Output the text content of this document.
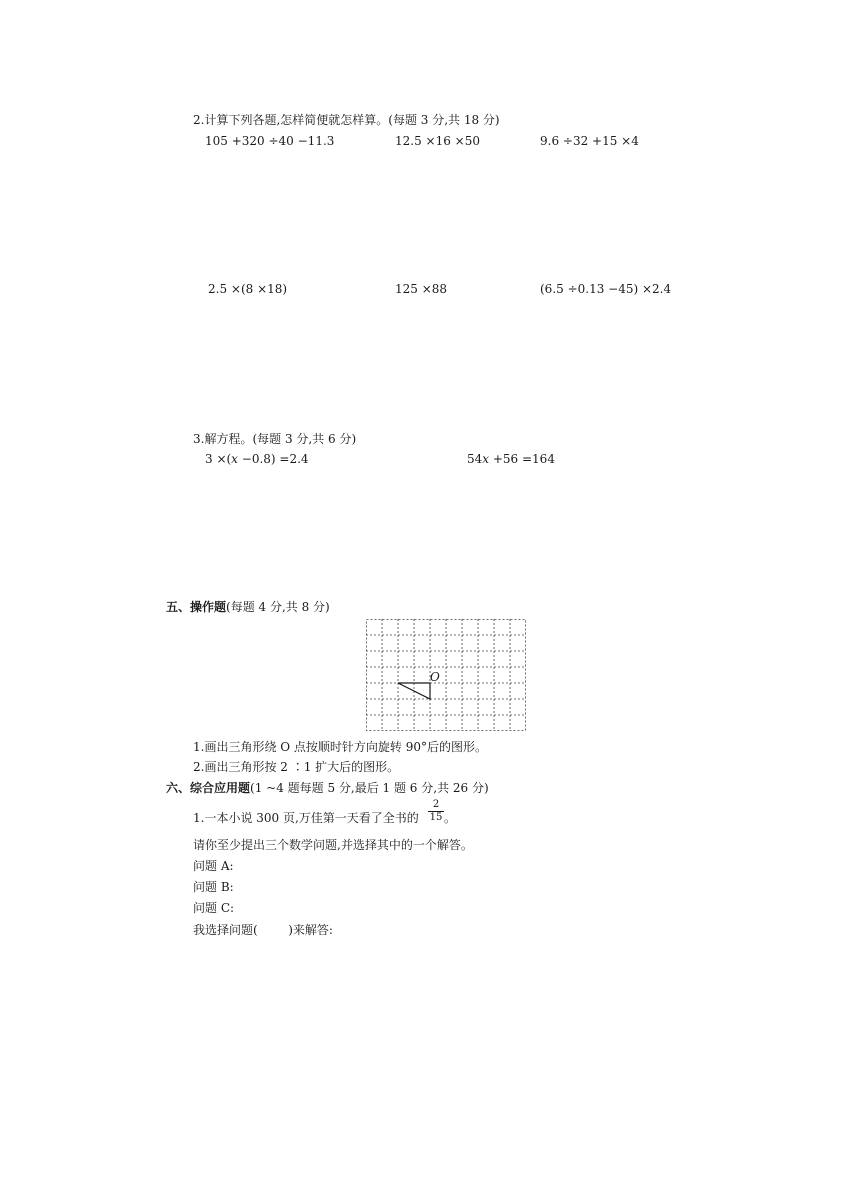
2.计算下列各题,怎样简便就怎样算。(每题 3 分,共 18 分)
105 +320 ÷40 −11.3	12.5 ×16 ×50	9.6 ÷32 +15 ×4
2.5 ×(8 ×18)	125 ×88	(6.5 ÷0.13 −45) ×2.4
3.解方程。(每题 3 分,共 6 分)
3 ×(𝑥 −0.8) =2.4	54𝑥 +56 =164
五、操作题(每题 4 分,共 8 分)
O
1.画出三角形绕 O 点按顺时针方向旋转 90°后的图形。
2.画出三角形按 2 ∶1 扩大后的图形。
六、综合应用题(1 ~4 题每题 5 分,最后 1 题 6 分,共 26 分)
1.一本小说 300 页,万佳第一天看了全书的
2
15 。
请你至少提出三个数学问题,并选择其中的一个解答。
问题 A:
问题 B:
问题 C:
我选择问题(        )来解答:
